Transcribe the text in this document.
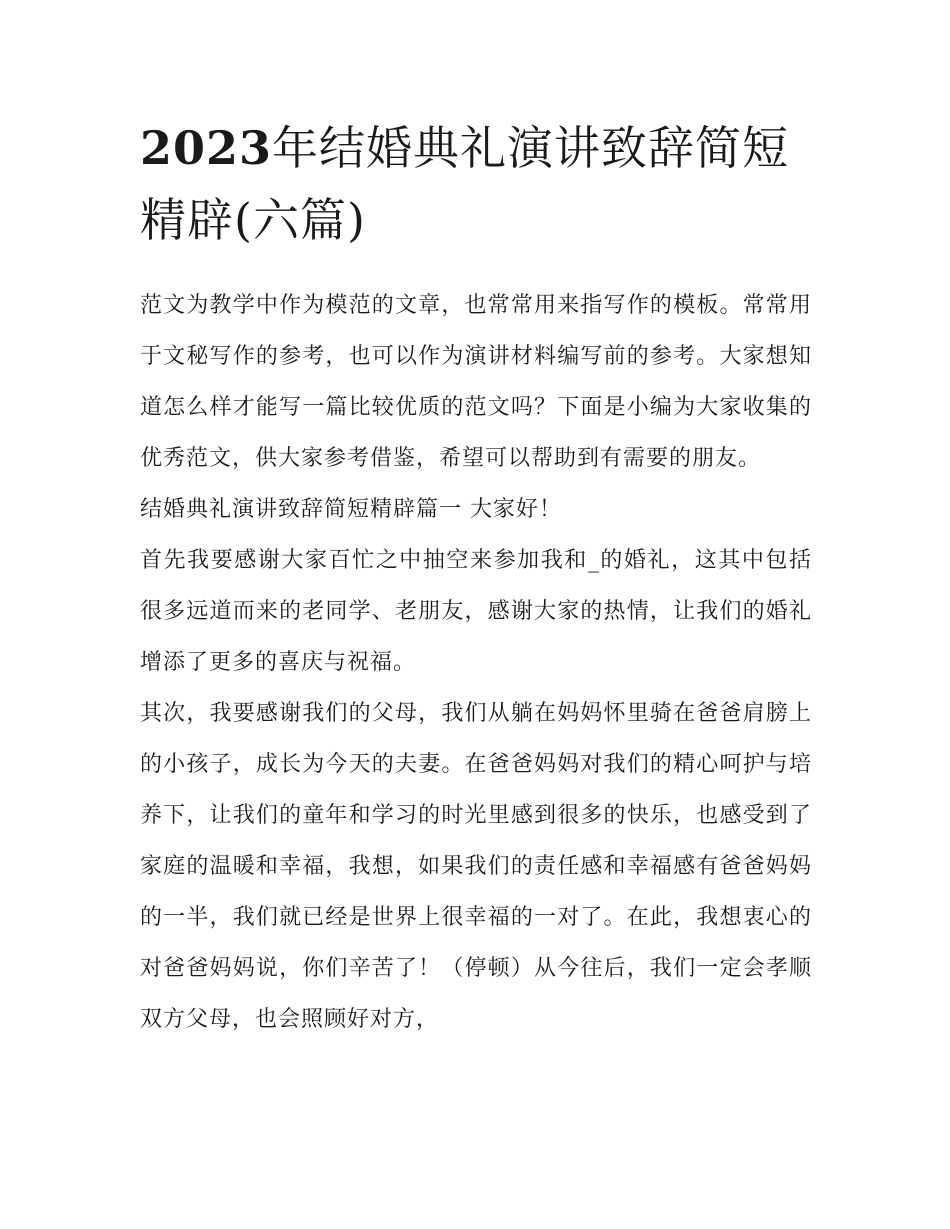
2023年结婚典礼演讲致辞简短精辟(六篇)

范文为教学中作为模范的文章，也常常用来指写作的模板。常常用于文秘写作的参考，也可以作为演讲材料编写前的参考。大家想知道怎么样才能写一篇比较优质的范文吗？下面是小编为大家收集的优秀范文，供大家参考借鉴，希望可以帮助到有需要的朋友。

结婚典礼演讲致辞简短精辟篇一 大家好！

首先我要感谢大家百忙之中抽空来参加我和_的婚礼，这其中包括很多远道而来的老同学、老朋友，感谢大家的热情，让我们的婚礼增添了更多的喜庆与祝福。

其次，我要感谢我们的父母，我们从躺在妈妈怀里骑在爸爸肩膀上的小孩子，成长为今天的夫妻。在爸爸妈妈对我们的精心呵护与培养下，让我们的童年和学习的时光里感到很多的快乐，也感受到了家庭的温暖和幸福，我想，如果我们的责任感和幸福感有爸爸妈妈的一半，我们就已经是世界上很幸福的一对了。在此，我想衷心的对爸爸妈妈说，你们辛苦了！（停顿）从今往后，我们一定会孝顺双方父母，也会照顾好对方，
